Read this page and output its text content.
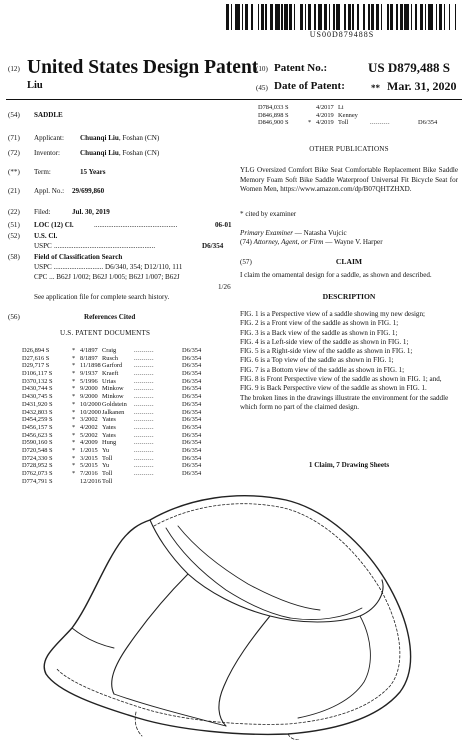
US00D879488S
(12) United States Design Patent
Liu
(10) Patent No.:	US D879,488 S
(45) Date of Patent:	** Mar. 31, 2020
(54) SADDLE
(71) Applicant: Chuanqi Liu, Foshan (CN)
(72) Inventor:	Chuanqi Liu, Foshan (CN)
(**) Term:	15 Years
(21) Appl. No.: 29/699,860
(22) Filed:	Jul. 30, 2019
(51) LOC (12) Cl.	...............................................	06-01
(52) U.S. Cl.
USPC .........................................................	D6/354
(58) Field of Classification Search
USPC ............................ D6/340, 354; D12/110, 111
CPC ... B62J 1/002; B62J 1/005; B62J 1/007; B62J
1/26
See application file for complete search history.
(56)	References Cited
U.S. PATENT DOCUMENTS
D26,894 S	* 4/1897 Craig	D6/354
..........
D27,616 S	* 8/1897 Rusch	D6/354
..........
D29,717 S	* 11/1898 Garford	D6/354
..........
D106,117 S	* 9/1937 Kraeft	D6/354
..........
D370,132 S	* 5/1996 Urias	D6/354
..........
D430,744 S	* 9/2000 Minkow	D6/354
..........
D430,745 S	* 9/2000 Minkow	D6/354
..........
D431,920 S	* 10/2000 Goldstein	D6/354
..........
D432,803 S	* 10/2000 Jalkanen	D6/354
..........
D454,259 S	* 3/2002 Yates	D6/354
..........
D456,157 S	* 4/2002 Yates	D6/354
..........
D456,623 S	* 5/2002 Yates	D6/354
..........
D590,160 S	* 4/2009 Hung	D6/354
..........
D720,548 S	* 1/2015 Yu	D6/354
..........
D724,330 S	* 3/2015 Toll	D6/354
..........
D728,952 S	* 5/2015 Yu	D6/354
..........
D762,073 S	* 7/2016 Toll	D6/354
..........
D774,791 S	12/2016 Toll
D784,033 S	4/2017 Li
D846,898 S	4/2019 Kenney
D846,900 S	* 4/2019 Toll	D6/354
..........
OTHER PUBLICATIONS
YLG Oversized Comfort Bike Seat Comfortable Replacement Bike Saddle Memory Foam Soft Bike Saddle Waterproof Universal Fit Bicycle Seat for Women Men, https://www.amazon.com/dp/B07QHTZHXD.
* cited by examiner
Primary Examiner — Natasha Vujcic
(74) Attorney, Agent, or Firm — Wayne V. Harper
(57)	CLAIM
I claim the ornamental design for a saddle, as shown and described.
DESCRIPTION
FIG. 1 is a Perspective view of a saddle showing my new design;
FIG. 2 is a Front view of the saddle as shown in FIG. 1;
FIG. 3 is a Back view of the saddle as shown in FIG. 1;
FIG. 4 is a Left-side view of the saddle as shown in FIG. 1;
FIG. 5 is a Right-side view of the saddle as shown in FIG. 1;
FIG. 6 is a Top view of the saddle as shown in FIG. 1;
FIG. 7 is a Bottom view of the saddle as shown in FIG. 1;
FIG. 8 is Front Perspective view of the saddle as shown in FIG. 1; and,
FIG. 9 is Back Perspective view of the saddle as shown in FIG. 1.
The broken lines in the drawings illustrate the environment for the saddle which form no part of the claimed design.
1 Claim, 7 Drawing Sheets
